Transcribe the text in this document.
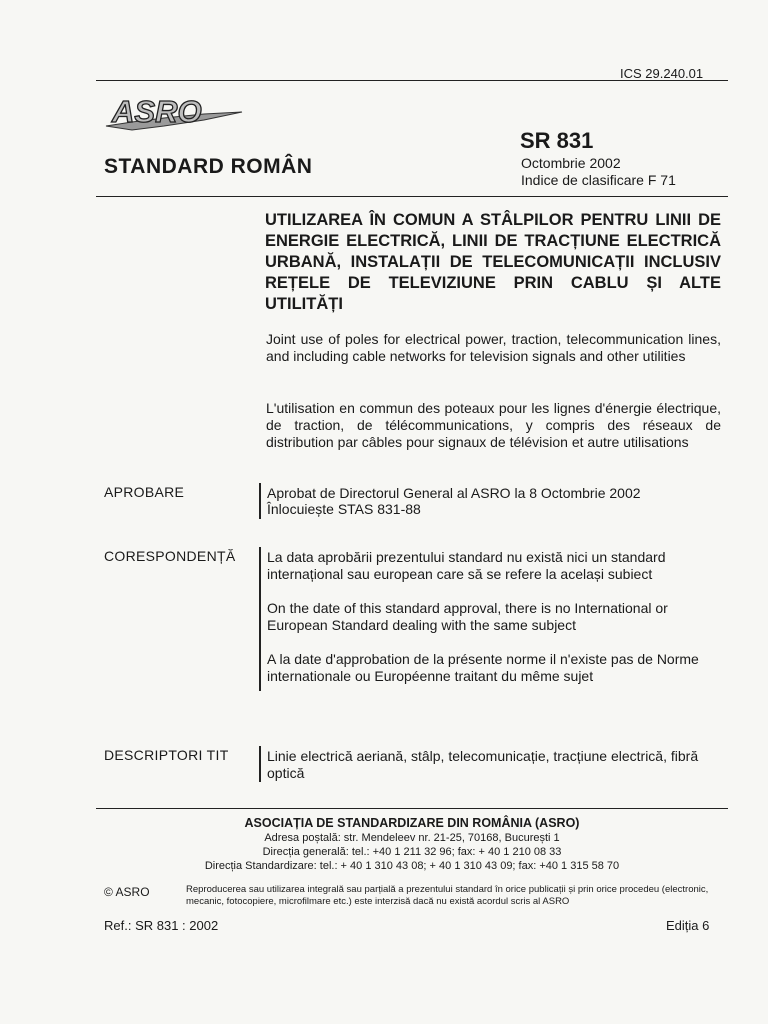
ICS 29.240.01
ASRO
STANDARD ROMÂN
SR 831
Octombrie 2002
Indice de clasificare F 71
UTILIZAREA ÎN COMUN A STÂLPILOR PENTRU LINII DE ENERGIE ELECTRICĂ, LINII DE TRACȚIUNE ELECTRICĂ URBANĂ, INSTALAȚII DE TELECOMUNICAȚII INCLUSIV REȚELE DE TELEVIZIUNE PRIN CABLU ȘI ALTE UTILITĂȚI
Joint use of poles for electrical power, traction, telecommunication lines, and including cable networks for television signals and other utilities
L'utilisation en commun des poteaux pour les lignes d'énergie électrique, de traction, de télécommunications, y compris des réseaux de distribution par câbles pour signaux de télévision et autre utilisations
APROBARE	Aprobat de Directorul General al ASRO la 8 Octombrie 2002
Înlocuiește STAS 831-88
CORESPONDENȚĂ La data aprobării prezentului standard nu există nici un standard internațional sau european care să se refere la același subiect
On the date of this standard approval, there is no International or European Standard dealing with the same subject
A la date d'approbation de la présente norme il n'existe pas de Norme internationale ou Européenne traitant du même sujet
DESCRIPTORI TIT	Linie electrică aeriană, stâlp, telecomunicație, tracțiune electrică, fibră optică
ASOCIAȚIA DE STANDARDIZARE DIN ROMÂNIA (ASRO)
Adresa poștală: str. Mendeleev nr. 21-25, 70168, București 1
Direcția generală: tel.: +40 1 211 32 96; fax: + 40 1 210 08 33
Direcția Standardizare: tel.: + 40 1 310 43 08; + 40 1 310 43 09; fax: +40 1 315 58 70
© ASRO	Reproducerea sau utilizarea integrală sau parțială a prezentului standard în orice publicații și prin orice procedeu (electronic, mecanic, fotocopiere, microfilmare etc.) este interzisă dacă nu există acordul scris al ASRO
Ref.: SR 831 : 2002	Ediția 6
